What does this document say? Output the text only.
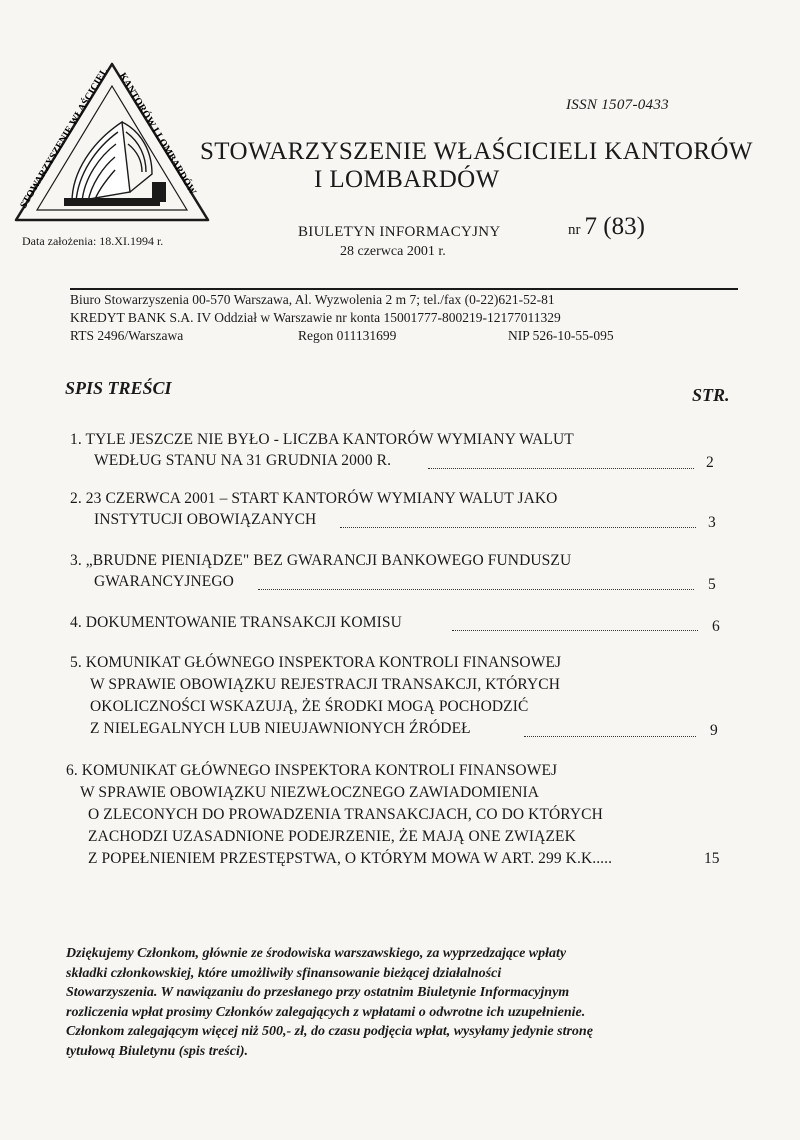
STOWARZYSZENIE WŁAŚCICIEL KANTORÓW I LOMBARDÓW
Data założenia: 18.XI.1994 r.
ISSN 1507-0433
STOWARZYSZENIE WŁAŚCICIELI KANTORÓW
I LOMBARDÓW
BIULETYN INFORMACYJNY	nr 7 (83)
28 czerwca 2001 r.
Biuro Stowarzyszenia 00-570 Warszawa, Al. Wyzwolenia 2 m 7; tel./fax (0-22)621-52-81
KREDYT BANK S.A. IV Oddział w Warszawie nr konta 15001777-800219-12177011329
RTS 2496/Warszawa	Regon 011131699	NIP 526-10-55-095
SPIS TREŚCI	STR.
1. TYLE JESZCZE NIE BYŁO - LICZBA KANTORÓW WYMIANY WALUT
WEDŁUG STANU NA 31 GRUDNIA 2000 R.	2
2. 23 CZERWCA 2001 – START KANTORÓW WYMIANY WALUT JAKO
INSTYTUCJI OBOWIĄZANYCH	3
3. „BRUDNE PIENIĄDZE" BEZ GWARANCJI BANKOWEGO FUNDUSZU
GWARANCYJNEGO	5
4. DOKUMENTOWANIE TRANSAKCJI KOMISU	6
5. KOMUNIKAT GŁÓWNEGO INSPEKTORA KONTROLI FINANSOWEJ
W SPRAWIE OBOWIĄZKU REJESTRACJI TRANSAKCJI, KTÓRYCH
OKOLICZNOŚCI WSKAZUJĄ, ŻE ŚRODKI MOGĄ POCHODZIĆ
Z NIELEGALNYCH LUB NIEUJAWNIONYCH ŹRÓDEŁ	9
6. KOMUNIKAT GŁÓWNEGO INSPEKTORA KONTROLI FINANSOWEJ
W SPRAWIE OBOWIĄZKU NIEZWŁOCZNEGO ZAWIADOMIENIA
O ZLECONYCH DO PROWADZENIA TRANSAKCJACH, CO DO KTÓRYCH
ZACHODZI UZASADNIONE PODEJRZENIE, ŻE MAJĄ ONE ZWIĄZEK
Z POPEŁNIENIEM PRZESTĘPSTWA, O KTÓRYM MOWA W ART. 299 K.K.....	15
Dziękujemy Członkom, głównie ze środowiska warszawskiego, za wyprzedzające wpłaty
składki członkowskiej, które umożliwiły sfinansowanie bieżącej działalności
Stowarzyszenia. W nawiązaniu do przesłanego przy ostatnim Biuletynie Informacyjnym
rozliczenia wpłat prosimy Członków zalegających z wpłatami o odwrotne ich uzupełnienie.
Członkom zalegającym więcej niż 500,- zł, do czasu podjęcia wpłat, wysyłamy jedynie stronę
tytułową Biuletynu (spis treści).
